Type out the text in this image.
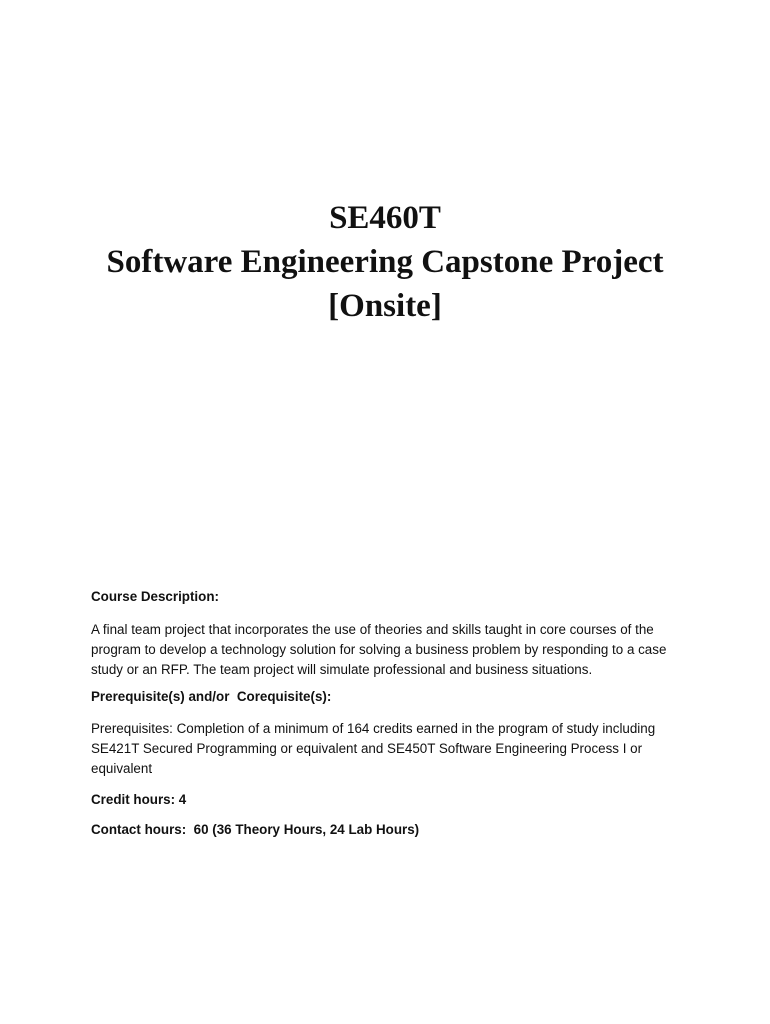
SE460T
Software Engineering Capstone Project
[Onsite]

Course Description:

A final team project that incorporates the use of theories and skills taught in core courses of the program to develop a technology solution for solving a business problem by responding to a case study or an RFP. The team project will simulate professional and business situations.

Prerequisite(s) and/or  Corequisite(s):

Prerequisites: Completion of a minimum of 164 credits earned in the program of study including SE421T Secured Programming or equivalent and SE450T Software Engineering Process I or equivalent

Credit hours: 4

Contact hours:  60 (36 Theory Hours, 24 Lab Hours)
